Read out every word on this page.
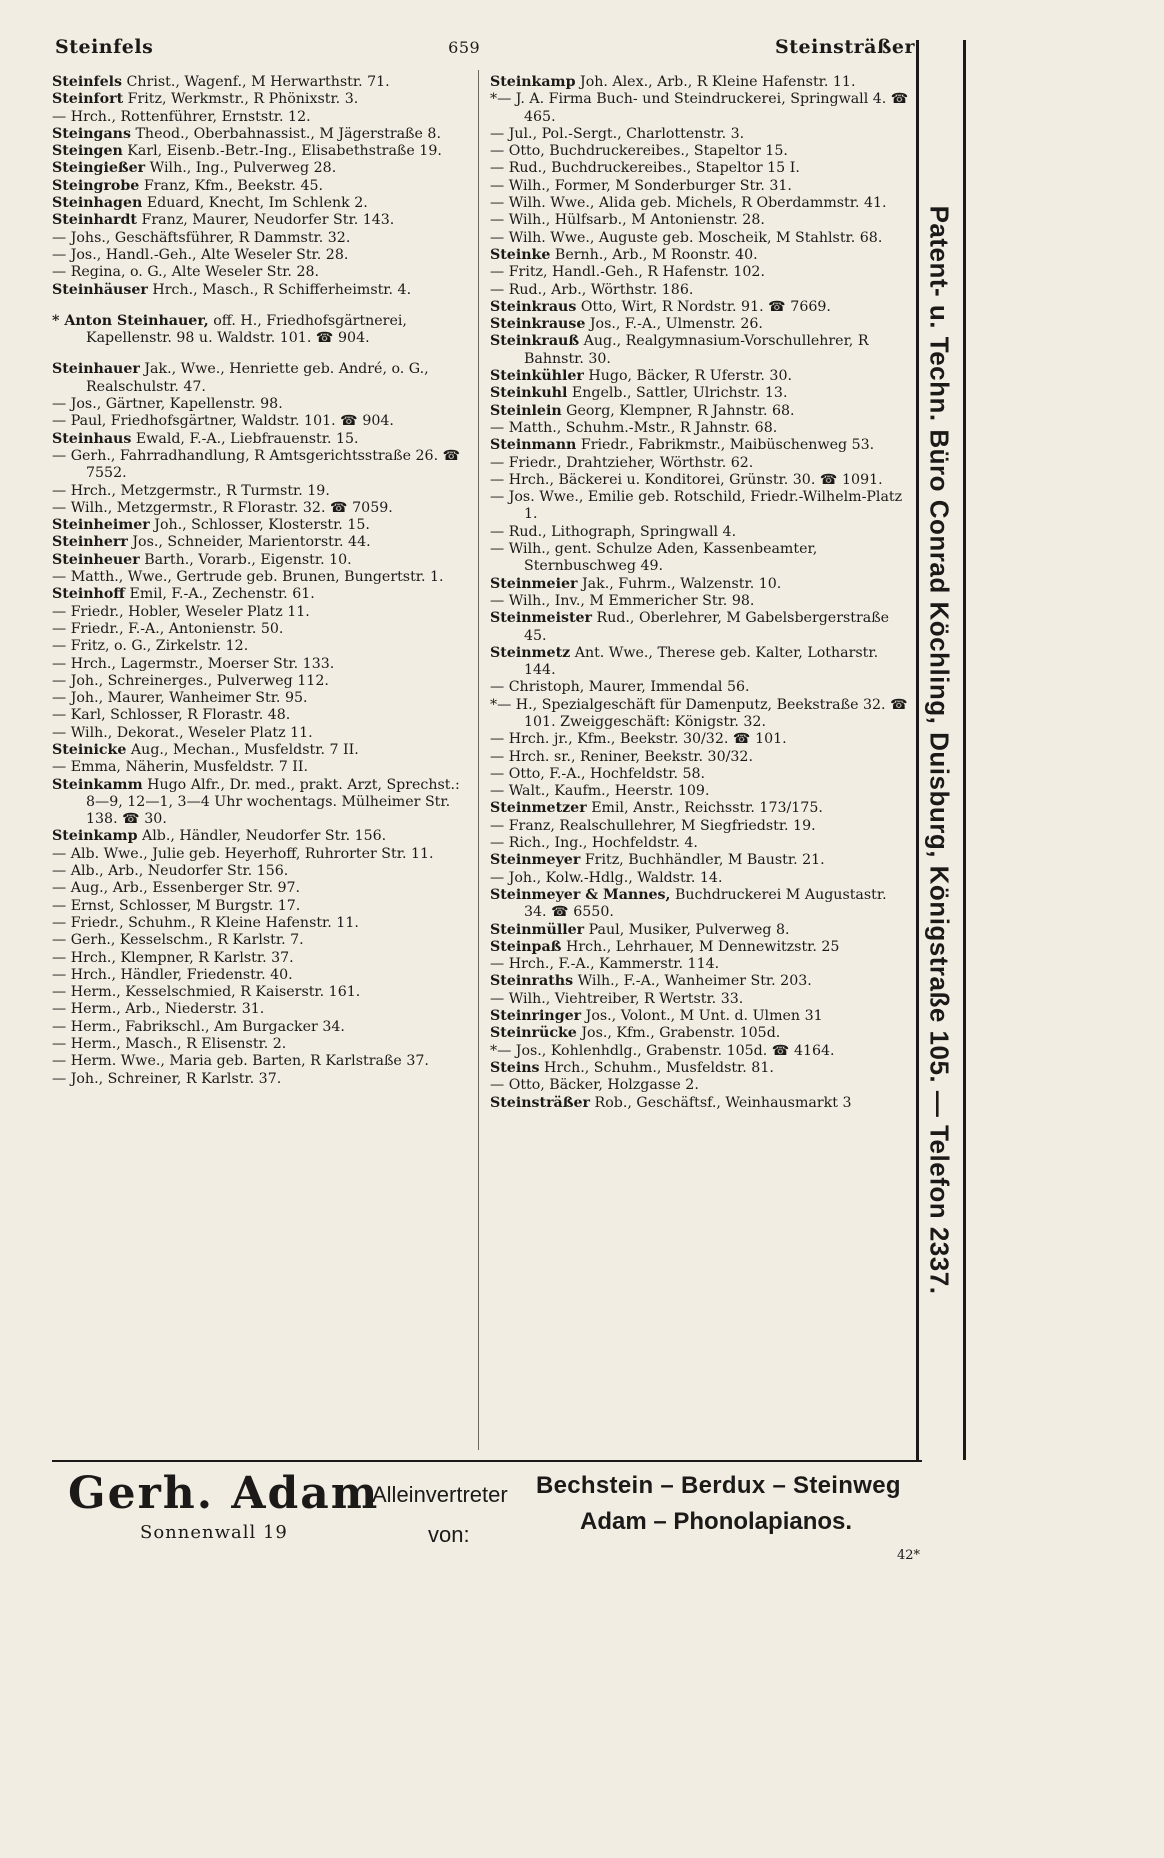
Steinfels	659	Steinsträßer

Steinfels Christ., Wagenf., M Herwarthstr. 71.

Steinfort Fritz, Werkmstr., R Phönixstr. 3.

— Hrch., Rottenführer, Ernststr. 12.

Steingans Theod., Oberbahnassist., M Jägerstraße 8.

Steingen Karl, Eisenb.-Betr.-Ing., Elisabethstraße 19.

Steingießer Wilh., Ing., Pulverweg 28.

Steingrobe Franz, Kfm., Beekstr. 45.

Steinhagen Eduard, Knecht, Im Schlenk 2.

Steinhardt Franz, Maurer, Neudorfer Str. 143.

— Johs., Geschäftsführer, R Dammstr. 32.

— Jos., Handl.-Geh., Alte Weseler Str. 28.

— Regina, o. G., Alte Weseler Str. 28.

Steinhäuser Hrch., Masch., R Schifferheimstr. 4.

* Anton Steinhauer, off. H., Friedhofsgärtnerei, Kapellenstr. 98 u. Waldstr. 101. ☎ 904.

Steinhauer Jak., Wwe., Henriette geb. André, o. G., Realschulstr. 47.

— Jos., Gärtner, Kapellenstr. 98.

— Paul, Friedhofsgärtner, Waldstr. 101. ☎ 904.

Steinhaus Ewald, F.-A., Liebfrauenstr. 15.

— Gerh., Fahrradhandlung, R Amtsgerichtsstraße 26. ☎ 7552.

— Hrch., Metzgermstr., R Turmstr. 19.

— Wilh., Metzgermstr., R Florastr. 32. ☎ 7059.

Steinheimer Joh., Schlosser, Klosterstr. 15.

Steinherr Jos., Schneider, Marientorstr. 44.

Steinheuer Barth., Vorarb., Eigenstr. 10.

— Matth., Wwe., Gertrude geb. Brunen, Bungertstr. 1.

Steinhoff Emil, F.-A., Zechenstr. 61.

— Friedr., Hobler, Weseler Platz 11.

— Friedr., F.-A., Antonienstr. 50.

— Fritz, o. G., Zirkelstr. 12.

— Hrch., Lagermstr., Moerser Str. 133.

— Joh., Schreinerges., Pulverweg 112.

— Joh., Maurer, Wanheimer Str. 95.

— Karl, Schlosser, R Florastr. 48.

— Wilh., Dekorat., Weseler Platz 11.

Steinicke Aug., Mechan., Musfeldstr. 7 II.

— Emma, Näherin, Musfeldstr. 7 II.

Steinkamm Hugo Alfr., Dr. med., prakt. Arzt, Sprechst.: 8—9, 12—1, 3—4 Uhr wochentags. Mülheimer Str. 138. ☎ 30.

Steinkamp Alb., Händler, Neudorfer Str. 156.

— Alb. Wwe., Julie geb. Heyerhoff, Ruhrorter Str. 11.

— Alb., Arb., Neudorfer Str. 156.

— Aug., Arb., Essenberger Str. 97.

— Ernst, Schlosser, M Burgstr. 17.

— Friedr., Schuhm., R Kleine Hafenstr. 11.

— Gerh., Kesselschm., R Karlstr. 7.

— Hrch., Klempner, R Karlstr. 37.

— Hrch., Händler, Friedenstr. 40.

— Herm., Kesselschmied, R Kaiserstr. 161.

— Herm., Arb., Niederstr. 31.

— Herm., Fabrikschl., Am Burgacker 34.

— Herm., Masch., R Elisenstr. 2.

— Herm. Wwe., Maria geb. Barten, R Karlstraße 37.

— Joh., Schreiner, R Karlstr. 37.

Steinkamp Joh. Alex., Arb., R Kleine Hafenstr. 11.

*— J. A. Firma Buch- und Steindruckerei, Springwall 4. ☎ 465.

— Jul., Pol.-Sergt., Charlottenstr. 3.

— Otto, Buchdruckereibes., Stapeltor 15.

— Rud., Buchdruckereibes., Stapeltor 15 I.

— Wilh., Former, M Sonderburger Str. 31.

— Wilh. Wwe., Alida geb. Michels, R Oberdammstr. 41.

— Wilh., Hülfsarb., M Antonienstr. 28.

— Wilh. Wwe., Auguste geb. Moscheik, M Stahlstr. 68.

Steinke Bernh., Arb., M Roonstr. 40.

— Fritz, Handl.-Geh., R Hafenstr. 102.

— Rud., Arb., Wörthstr. 186.

Steinkraus Otto, Wirt, R Nordstr. 91. ☎ 7669.

Steinkrause Jos., F.-A., Ulmenstr. 26.

Steinkrauß Aug., Realgymnasium-Vorschullehrer, R Bahnstr. 30.

Steinkühler Hugo, Bäcker, R Uferstr. 30.

Steinkuhl Engelb., Sattler, Ulrichstr. 13.

Steinlein Georg, Klempner, R Jahnstr. 68.

— Matth., Schuhm.-Mstr., R Jahnstr. 68.

Steinmann Friedr., Fabrikmstr., Maibüschenweg 53.

— Friedr., Drahtzieher, Wörthstr. 62.

— Hrch., Bäckerei u. Konditorei, Grünstr. 30. ☎ 1091.

— Jos. Wwe., Emilie geb. Rotschild, Friedr.-Wilhelm-Platz 1.

— Rud., Lithograph, Springwall 4.

— Wilh., gent. Schulze Aden, Kassenbeamter, Sternbuschweg 49.

Steinmeier Jak., Fuhrm., Walzenstr. 10.

— Wilh., Inv., M Emmericher Str. 98.

Steinmeister Rud., Oberlehrer, M Gabelsbergerstraße 45.

Steinmetz Ant. Wwe., Therese geb. Kalter, Lotharstr. 144.

— Christoph, Maurer, Immendal 56.

*— H., Spezialgeschäft für Damenputz, Beekstraße 32. ☎ 101. Zweiggeschäft: Königstr. 32.

— Hrch. jr., Kfm., Beekstr. 30/32. ☎ 101.

— Hrch. sr., Reniner, Beekstr. 30/32.

— Otto, F.-A., Hochfeldstr. 58.

— Walt., Kaufm., Heerstr. 109.

Steinmetzer Emil, Anstr., Reichsstr. 173/175.

— Franz, Realschullehrer, M Siegfriedstr. 19.

— Rich., Ing., Hochfeldstr. 4.

Steinmeyer Fritz, Buchhändler, M Baustr. 21.

— Joh., Kolw.-Hdlg., Waldstr. 14.

Steinmeyer & Mannes, Buchdruckerei M Augustastr. 34. ☎ 6550.

Steinmüller Paul, Musiker, Pulverweg 8.

Steinpaß Hrch., Lehrhauer, M Dennewitzstr. 25

— Hrch., F.-A., Kammerstr. 114.

Steinraths Wilh., F.-A., Wanheimer Str. 203.

— Wilh., Viehtreiber, R Wertstr. 33.

Steinringer Jos., Volont., M Unt. d. Ulmen 31

Steinrücke Jos., Kfm., Grabenstr. 105d.

*— Jos., Kohlenhdlg., Grabenstr. 105d. ☎ 4164.

Steins Hrch., Schuhm., Musfeldstr. 81.

— Otto, Bäcker, Holzgasse 2.

Steinsträßer Rob., Geschäftsf., Weinhausmarkt 3	Patent- u. Techn. Büro Conrad Köchling, Duisburg, Königstraße 105. — Telefon 2337.
Gerh. Adam
Sonnenwall 19
Alleinvertreter
von:
Bechstein – Berdux – Steinweg
Adam – Phonolapianos.
42*
